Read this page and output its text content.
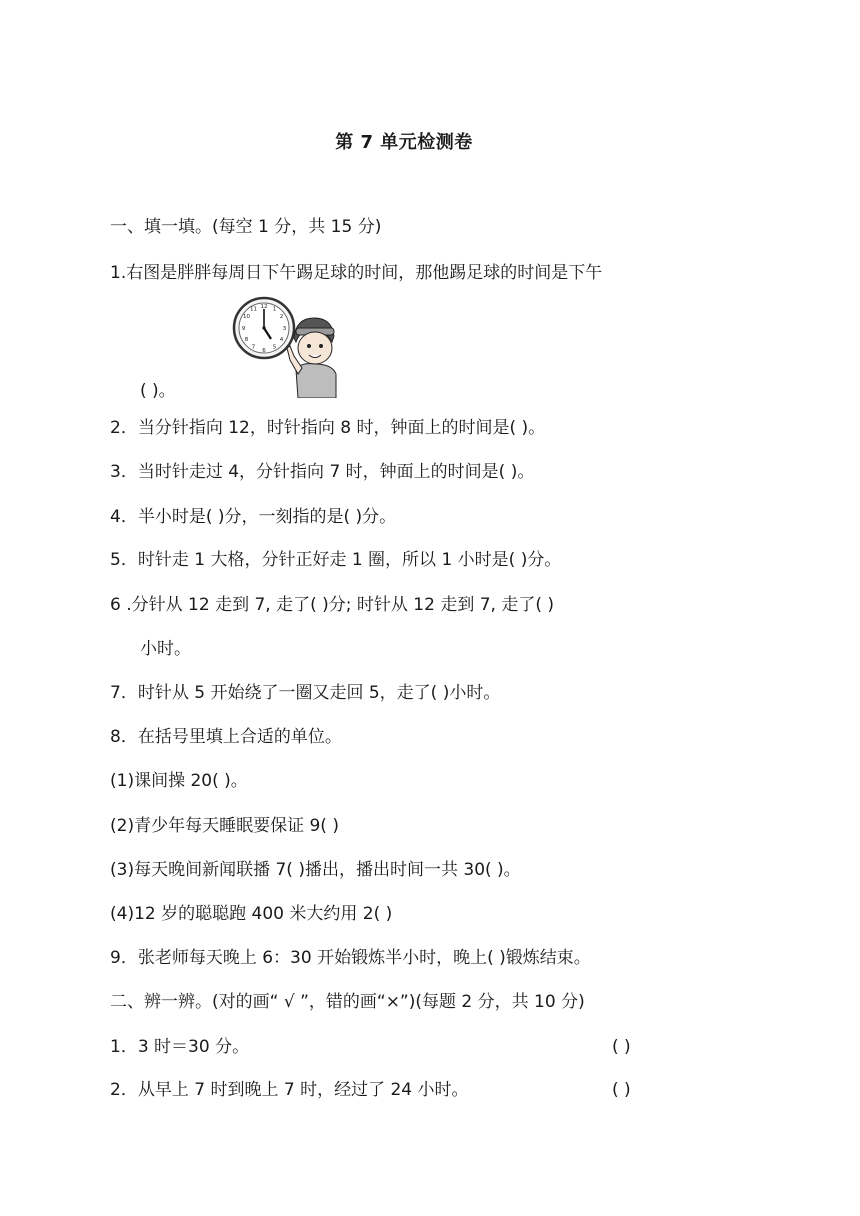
第 7 单元检测卷
一、填一填。(每空 1 分，共 15 分)
1.右图是胖胖每周日下午踢足球的时间，那他踢足球的时间是下午
12 1
2
3
4
5
6
7
8
9
10
11
( )。
2．当分针指向 12，时针指向 8 时，钟面上的时间是( )。
3．当时针走过 4，分针指向 7 时，钟面上的时间是( )。
4．半小时是( )分，一刻指的是( )分。
5．时针走 1 大格，分针正好走 1 圈，所以 1 小时是( )分。
6 .分针从 12 走到 7, 走了( )分; 时针从 12 走到 7, 走了( )
小时。
7．时针从 5 开始绕了一圈又走回 5，走了( )小时。
8．在括号里填上合适的单位。
(1)课间操 20( )。
(2)青少年每天睡眠要保证 9( )
(3)每天晚间新闻联播 7( )播出，播出时间一共 30( )。
(4)12 岁的聪聪跑 400 米大约用 2( )
9．张老师每天晚上 6：30 开始锻炼半小时，晚上( )锻炼结束。
二、辨一辨。(对的画“ √ ”，错的画“×”)(每题 2 分，共 10 分)
1．3 时＝30 分。	( )
2．从早上 7 时到晚上 7 时，经过了 24 小时。	( )
